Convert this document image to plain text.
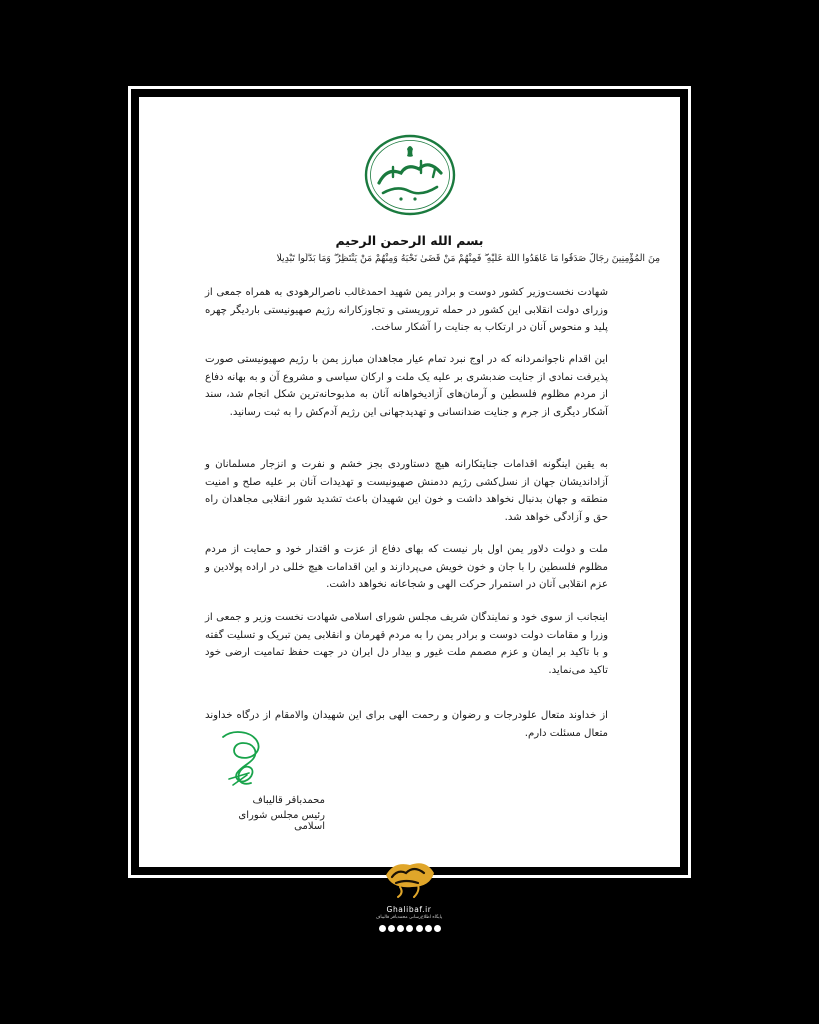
بسم الله الرحمن الرحیم
مِنَ الْمُؤْمِنِينَ رِجَالٌ صَدَقُوا مَا عَاهَدُوا اللَّهَ عَلَيْهِ ۖ فَمِنْهُمْ مَنْ قَضَىٰ نَحْبَهُ وَمِنْهُمْ مَنْ يَنْتَظِرُ ۖ وَمَا بَدَّلُوا تَبْدِيلًا
شهادت نخست‌وزیر کشور دوست و برادر یمن شهید احمدغالب ناصرالرهودی به همراه جمعی از وزرای دولت انقلابی این کشور در حمله تروریستی و تجاوزکارانه رژیم صهیونیستی باردیگر چهره پلید و منحوس آنان در ارتکاب به جنایت را آشکار ساخت.
این اقدام ناجوانمردانه که در اوج نبرد تمام عیار مجاهدان مبارز یمن با رژیم صهیونیستی صورت پذیرفت نمادی از جنایت ضدبشری بر علیه یک ملت و ارکان سیاسی و مشروع آن و به بهانه دفاع از مردم مظلوم فلسطین و آرمان‌های آزادیخواهانه آنان به مذبوحانه‌ترین شکل انجام شد، سند آشکار دیگری از جرم و جنایت ضدانسانی و تهدیدجهانی این رژیم آدم‌کش را به ثبت رسانید.
به یقین اینگونه اقدامات جنایتکارانه هیچ دستاوردی بجز خشم و نفرت و انزجار مسلمانان و آزاداندیشان جهان از نسل‌کشی رژیم ددمنش صهیونیست و تهدیدات آنان بر علیه صلح و امنیت منطقه و جهان بدنبال نخواهد داشت و خون این شهیدان باعث تشدید شور انقلابی مجاهدان راه حق و آزادگی خواهد شد.
ملت و دولت دلاور یمن اول بار نیست که بهای دفاع از عزت و اقتدار خود و حمایت از مردم مظلوم فلسطین را با جان و خون خویش می‌پردازند و این اقدامات هیچ خللی در اراده پولادین و عزم انقلابی آنان در استمرار حرکت الهی و شجاعانه نخواهد داشت.
اینجانب از سوی خود و نمایندگان شریف مجلس شورای اسلامی شهادت نخست وزیر و جمعی از وزرا و مقامات دولت دوست و برادر یمن را به مردم قهرمان و انقلابی یمن تبریک و تسلیت گفته و با تاکید بر ایمان و عزم مصمم ملت غیور و بیدار دل ایران در جهت حفظ تمامیت ارضی خود تاکید می‌نماید.
از خداوند متعال علودرجات و رضوان و رحمت الهی برای این شهیدان والامقام از درگاه خداوند متعال مسئلت دارم.
محمدباقر قالیباف
رئیس مجلس شورای اسلامی
Ghalibaf.ir
پایگاه اطلاع‌رسانی محمدباقر قالیباف
